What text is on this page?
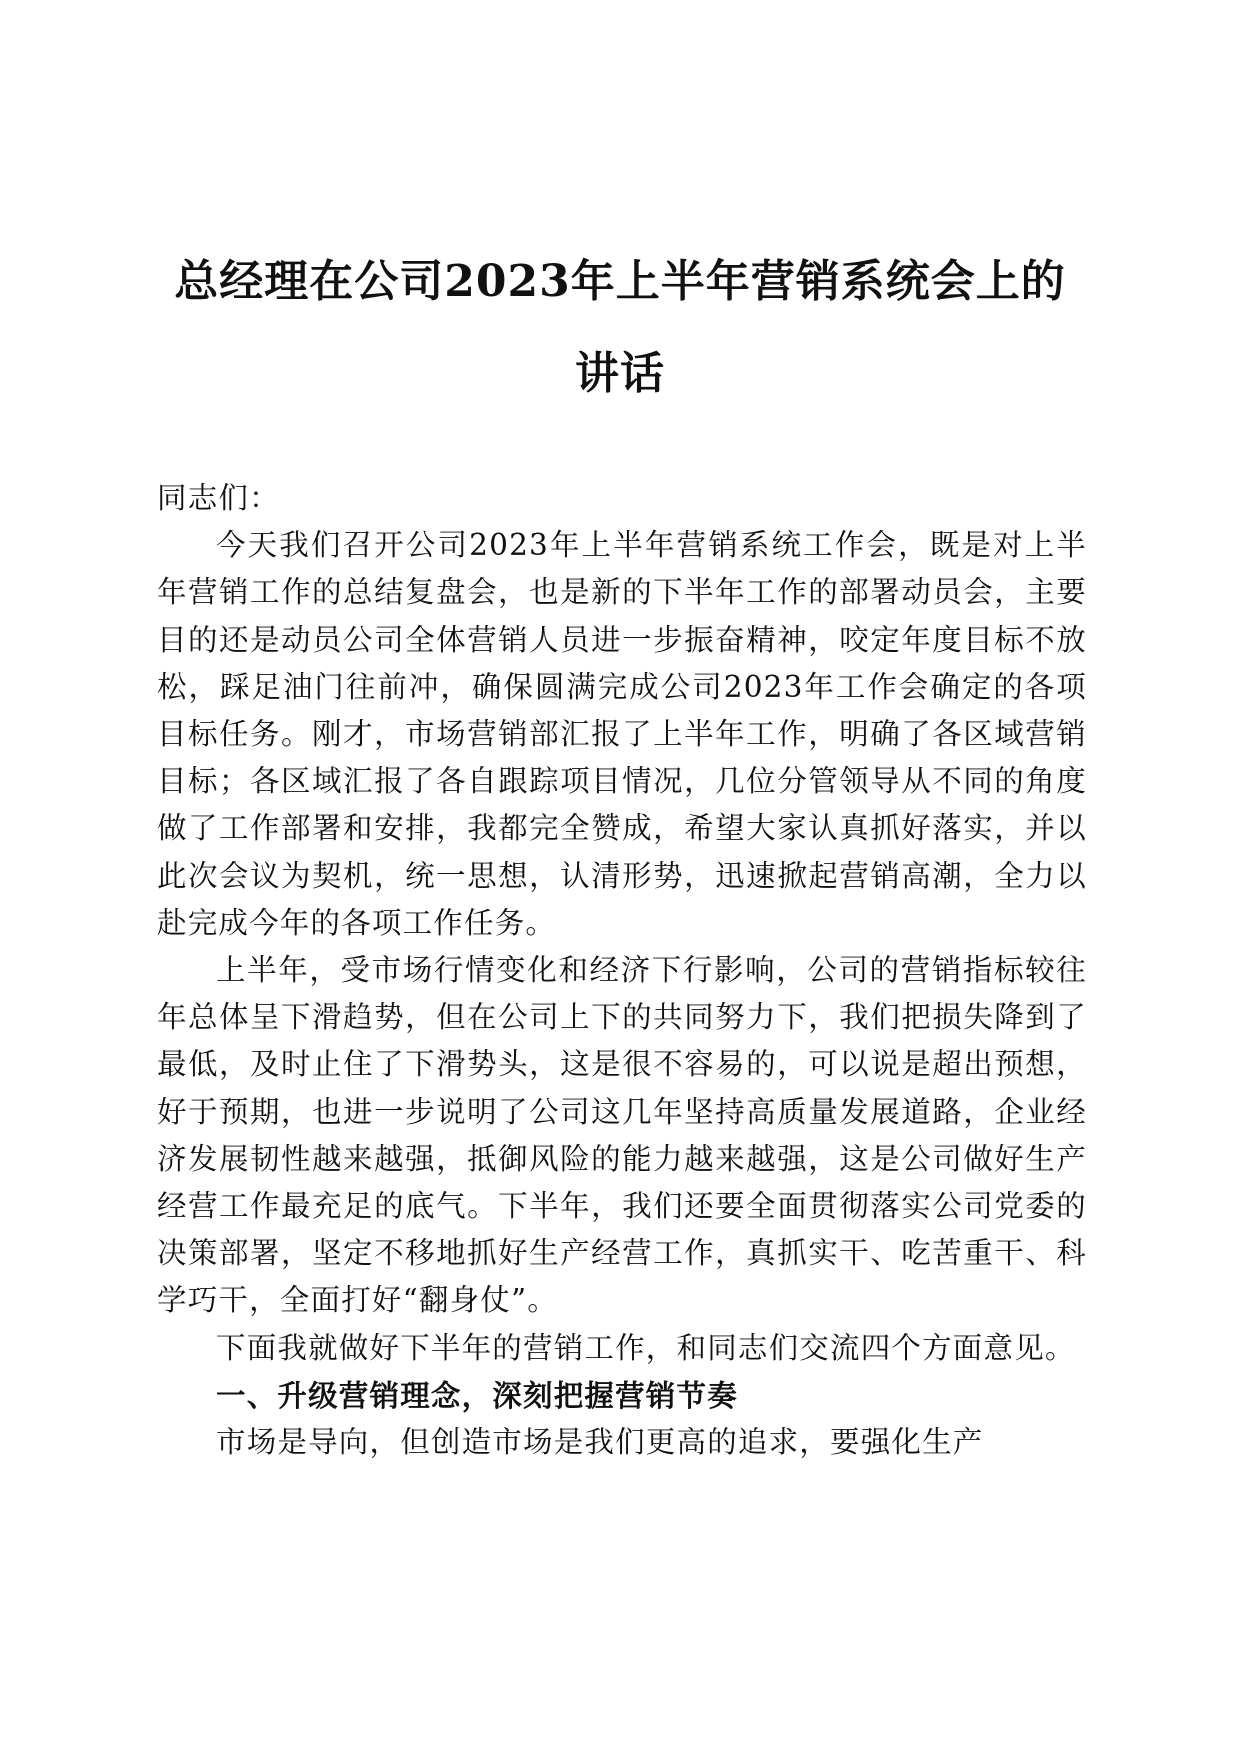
总经理在公司2023年上半年营销系统会上的
讲话

同志们：

今天我们召开公司2023年上半年营销系统工作会，既是对上半年营销工作的总结复盘会，也是新的下半年工作的部署动员会，主要目的还是动员公司全体营销人员进一步振奋精神，咬定年度目标不放松，踩足油门往前冲，确保圆满完成公司2023年工作会确定的各项目标任务。刚才，市场营销部汇报了上半年工作，明确了各区域营销目标；各区域汇报了各自跟踪项目情况，几位分管领导从不同的角度做了工作部署和安排，我都完全赞成，希望大家认真抓好落实，并以此次会议为契机，统一思想，认清形势，迅速掀起营销高潮，全力以赴完成今年的各项工作任务。

上半年，受市场行情变化和经济下行影响，公司的营销指标较往年总体呈下滑趋势，但在公司上下的共同努力下，我们把损失降到了最低，及时止住了下滑势头，这是很不容易的，可以说是超出预想，好于预期，也进一步说明了公司这几年坚持高质量发展道路，企业经济发展韧性越来越强，抵御风险的能力越来越强，这是公司做好生产经营工作最充足的底气。下半年，我们还要全面贯彻落实公司党委的决策部署，坚定不移地抓好生产经营工作，真抓实干、吃苦重干、科学巧干，全面打好“翻身仗”。

下面我就做好下半年的营销工作，和同志们交流四个方面意见。

一、升级营销理念，深刻把握营销节奏

市场是导向，但创造市场是我们更高的追求，要强化生产
